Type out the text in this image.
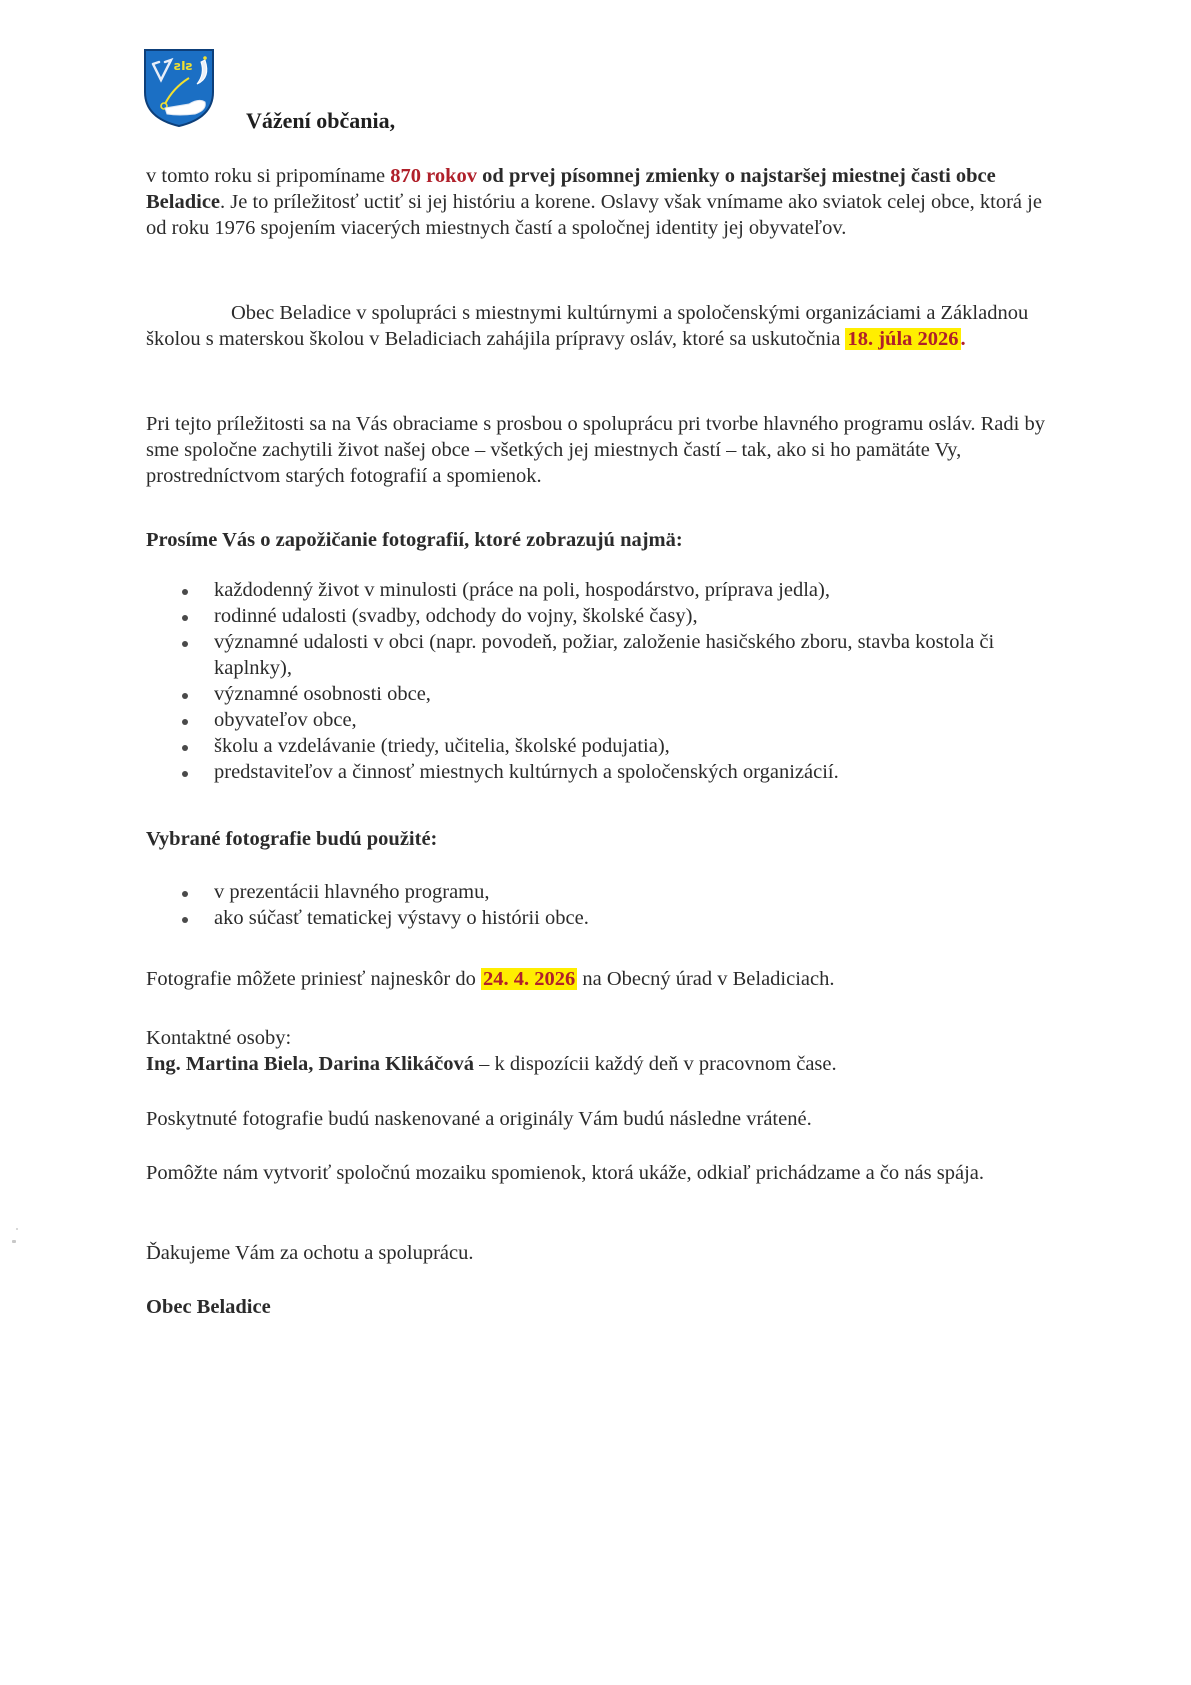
ƨIƨ
Vážení občania,
v tomto roku si pripomíname 870 rokov od prvej písomnej zmienky o najstaršej miestnej časti obce Beladice. Je to príležitosť uctiť si jej históriu a korene. Oslavy však vnímame ako sviatok celej obce, ktorá je od roku 1976 spojením viacerých miestnych častí a spoločnej identity jej obyvateľov.
Obec Beladice v spolupráci s miestnymi kultúrnymi a spoločenskými organizáciami a Základnou školou s materskou školou v Beladiciach zahájila prípravy osláv, ktoré sa uskutočnia 18. júla 2026.
Pri tejto príležitosti sa na Vás obraciame s prosbou o spoluprácu pri tvorbe hlavného programu osláv. Radi by sme spoločne zachytili život našej obce – všetkých jej miestnych častí – tak, ako si ho pamätáte Vy, prostredníctvom starých fotografií a spomienok.
Prosíme Vás o zapožičanie fotografií, ktoré zobrazujú najmä:
každodenný život v minulosti (práce na poli, hospodárstvo, príprava jedla),
rodinné udalosti (svadby, odchody do vojny, školské časy),
významné udalosti v obci (napr. povodeň, požiar, založenie hasičského zboru, stavba kostola či kaplnky),
významné osobnosti obce,
obyvateľov obce,
školu a vzdelávanie (triedy, učitelia, školské podujatia),
predstaviteľov a činnosť miestnych kultúrnych a spoločenských organizácií.
Vybrané fotografie budú použité:
v prezentácii hlavného programu,
ako súčasť tematickej výstavy o histórii obce.
Fotografie môžete priniesť najneskôr do 24. 4. 2026 na Obecný úrad v Beladiciach.
Kontaktné osoby:
Ing. Martina Biela, Darina Klikáčová – k dispozícii každý deň v pracovnom čase.
Poskytnuté fotografie budú naskenované a originály Vám budú následne vrátené.
Pomôžte nám vytvoriť spoločnú mozaiku spomienok, ktorá ukáže, odkiaľ prichádzame a čo nás spája.
Ďakujeme Vám za ochotu a spoluprácu.
Obec Beladice
